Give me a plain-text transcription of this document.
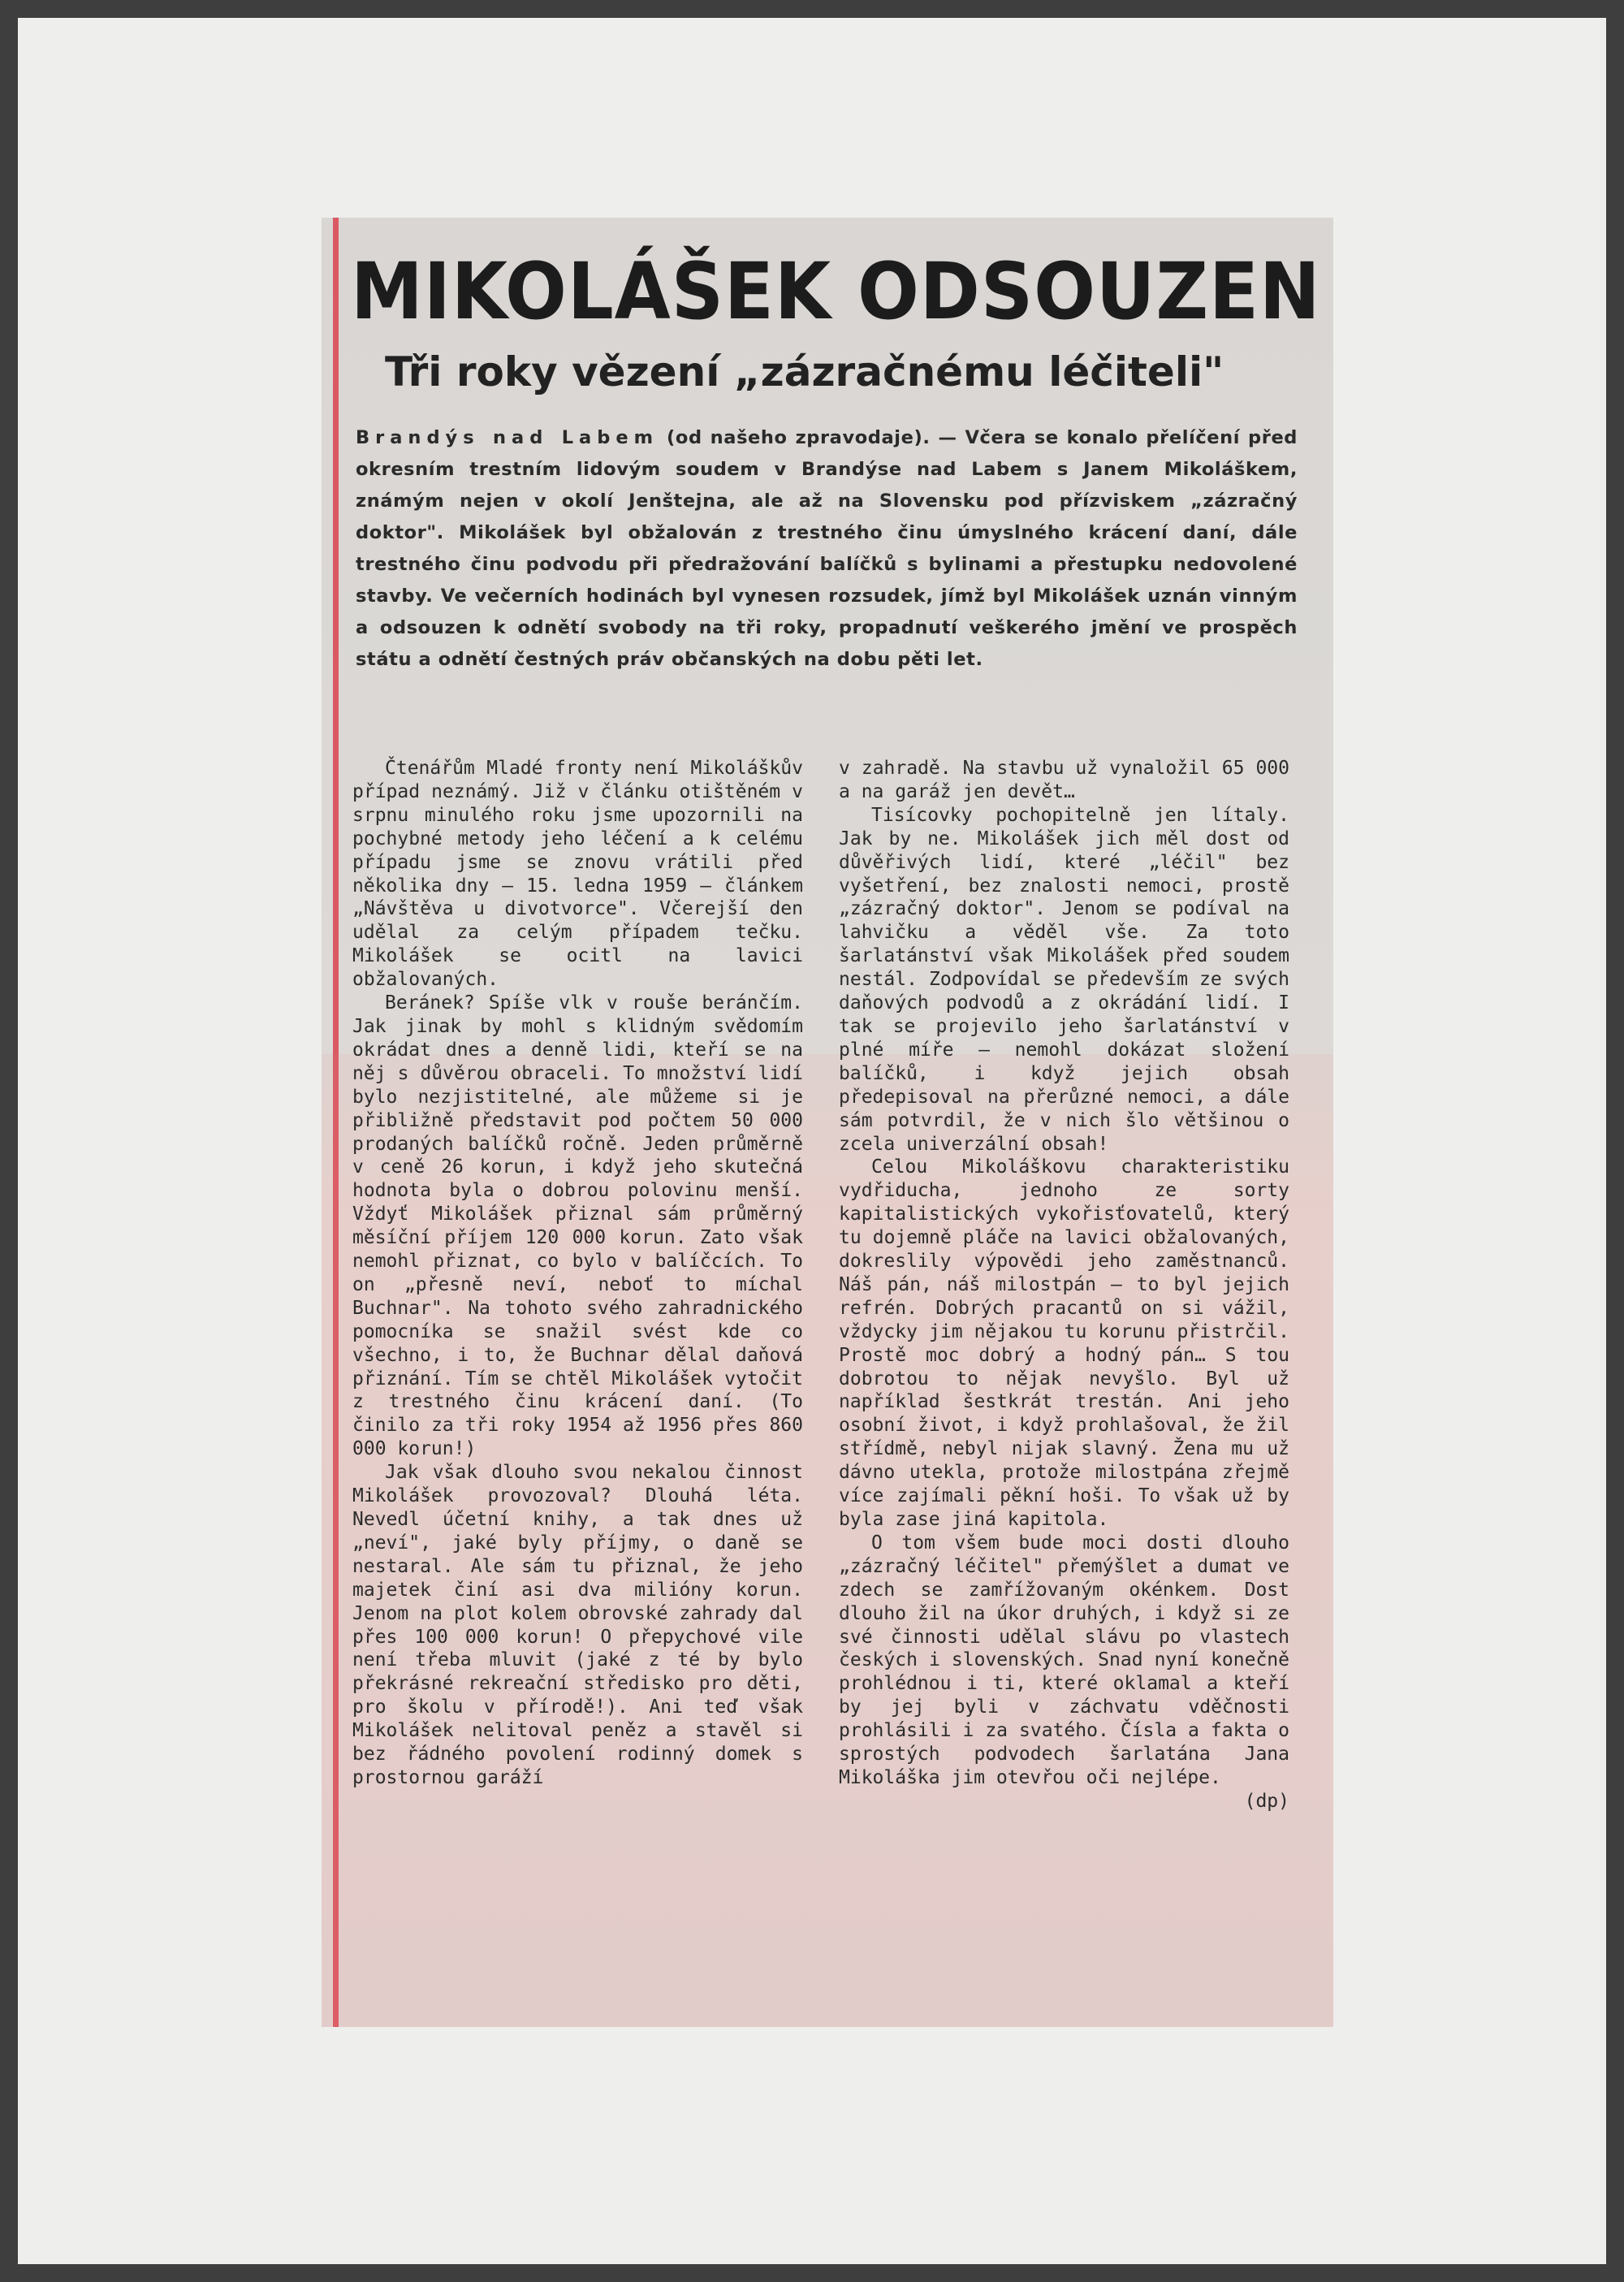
MIKOLÁŠEK ODSOUZEN
Tři roky vězení „zázračnému léčiteli"

Brandýs nad Labem (od našeho zpravodaje). — Včera se konalo přelíčení před okresním trestním lidovým soudem v Brandýse nad Labem s Janem Mikoláškem, známým nejen v okolí Jenštejna, ale až na Slovensku pod přízviskem „zázračný doktor". Mikolášek byl obžalován z trestného činu úmyslného krácení daní, dále trestného činu podvodu při předražování balíčků s bylinami a přestupku nedovolené stavby. Ve večerních hodinách byl vynesen rozsudek, jímž byl Mikolášek uznán vinným a odsouzen k odnětí svobody na tři roky, propadnutí veškerého jmění ve prospěch státu a odnětí čestných práv občanských na dobu pěti let.

Čtenářům Mladé fronty není Mikoláškův případ neznámý. Již v článku otištěném v srpnu minulého roku jsme upozornili na pochybné metody jeho léčení a k celému případu jsme se znovu vrátili před několika dny — 15. ledna 1959 — článkem „Návštěva u divotvorce". Včerejší den udělal za celým případem tečku. Mikolášek se ocitl na lavici obžalovaných.

Beránek? Spíše vlk v rouše beránčím. Jak jinak by mohl s klidným svědomím okrádat dnes a denně lidi, kteří se na něj s důvěrou obraceli. To množství lidí bylo nezjistitelné, ale můžeme si je přibližně představit pod počtem 50 000 prodaných balíčků ročně. Jeden průměrně v ceně 26 korun, i když jeho skutečná hodnota byla o dobrou polovinu menší. Vždyť Mikolášek přiznal sám průměrný měsíční příjem 120 000 korun. Zato však nemohl přiznat, co bylo v balíčcích. To on „přesně neví, neboť to míchal Buchnar". Na tohoto svého zahradnického pomocníka se snažil svést kde co všechno, i to, že Buchnar dělal daňová přiznání. Tím se chtěl Mikolášek vytočit z trestného činu krácení daní. (To činilo za tři roky 1954 až 1956 přes 860 000 korun!)

Jak však dlouho svou nekalou činnost Mikolášek provozoval? Dlouhá léta. Nevedl účetní knihy, a tak dnes už „neví", jaké byly příjmy, o daně se nestaral. Ale sám tu přiznal, že jeho majetek činí asi dva milióny korun. Jenom na plot kolem obrovské zahrady dal přes 100 000 korun! O přepychové vile není třeba mluvit (jaké z té by bylo překrásné rekreační středisko pro děti, pro školu v přírodě!). Ani teď však Mikolášek nelitoval peněz a stavěl si bez řádného povolení rodinný domek s prostornou garáží

v zahradě. Na stavbu už vynaložil 65 000 a na garáž jen devět…

Tisícovky pochopitelně jen lítaly. Jak by ne. Mikolášek jich měl dost od důvěřivých lidí, které „léčil" bez vyšetření, bez znalosti nemoci, prostě „zázračný doktor". Jenom se podíval na lahvičku a věděl vše. Za toto šarlatánství však Mikolášek před soudem nestál. Zodpovídal se především ze svých daňových podvodů a z okrádání lidí. I tak se projevilo jeho šarlatánství v plné míře — nemohl dokázat složení balíčků, i když jejich obsah předepisoval na přerůzné nemoci, a dále sám potvrdil, že v nich šlo většinou o zcela univerzální obsah!

Celou Mikoláškovu charakteristiku vydřiducha, jednoho ze sorty kapitalistických vykořisťovatelů, který tu dojemně pláče na lavici obžalovaných, dokreslily výpovědi jeho zaměstnanců. Náš pán, náš milostpán — to byl jejich refrén. Dobrých pracantů on si vážil, vždycky jim nějakou tu korunu přistrčil. Prostě moc dobrý a hodný pán… S tou dobrotou to nějak nevyšlo. Byl už například šestkrát trestán. Ani jeho osobní život, i když prohlašoval, že žil střídmě, nebyl nijak slavný. Žena mu už dávno utekla, protože milostpána zřejmě více zajímali pěkní hoši. To však už by byla zase jiná kapitola.

O tom všem bude moci dosti dlouho „zázračný léčitel" přemýšlet a dumat ve zdech se zamřížovaným okénkem. Dost dlouho žil na úkor druhých, i když si ze své činnosti udělal slávu po vlastech českých i slovenských. Snad nyní konečně prohlédnou i ti, které oklamal a kteří by jej byli v záchvatu vděčnosti prohlásili i za svatého. Čísla a fakta o sprostých podvodech šarlatána Jana Mikoláška jim otevřou oči nejlépe.

(dp)
